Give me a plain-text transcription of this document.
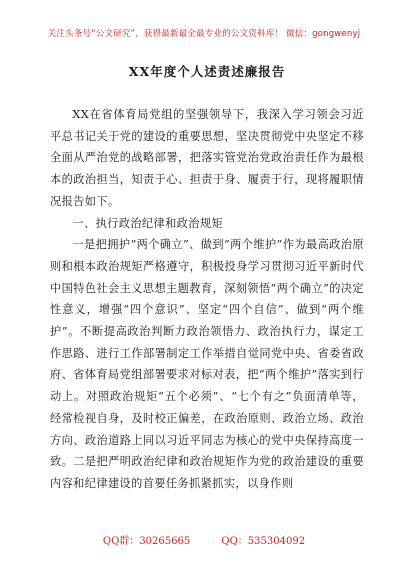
关注头条号“公文研究”，获得最新最全最专业的公文资料库！ 微信：gongwenyj
XX年度个人述责述廉报告

XX在省体育局党组的坚强领导下，我深入学习领会习近平总书记关于党的建设的重要思想，坚决贯彻党中央坚定不移全面从严治党的战略部署，把落实管党治党政治责任作为最根本的政治担当，知责于心、担责于身、履责于行，现将履职情况报告如下。

一、执行政治纪律和政治规矩

一是把拥护“两个确立”、做到“两个维护”作为最高政治原则和根本政治规矩严格遵守，积极投身学习贯彻习近平新时代中国特色社会主义思想主题教育，深刻领悟“两个确立”的决定性意义，增强“四个意识”、坚定“四个自信”、做到“两个维护”。不断提高政治判断力政治领悟力、政治执行力，谋定工作思路、进行工作部署制定工作举措自觉同党中央、省委省政府、省体育局党组部署要求对标对表，把“两个维护”落实到行动上。对照政治规矩“五个必须”、“七个有之”负面清单等，经常检视自身，及时校正偏差，在政治原则、政治立场、政治方向、政治道路上同以习近平同志为核心的党中央保持高度一致。二是把严明政治纪律和政治规矩作为党的政治建设的重要内容和纪律建设的首要任务抓紧抓实，以身作则

QQ群：30265665	QQ：535304092
